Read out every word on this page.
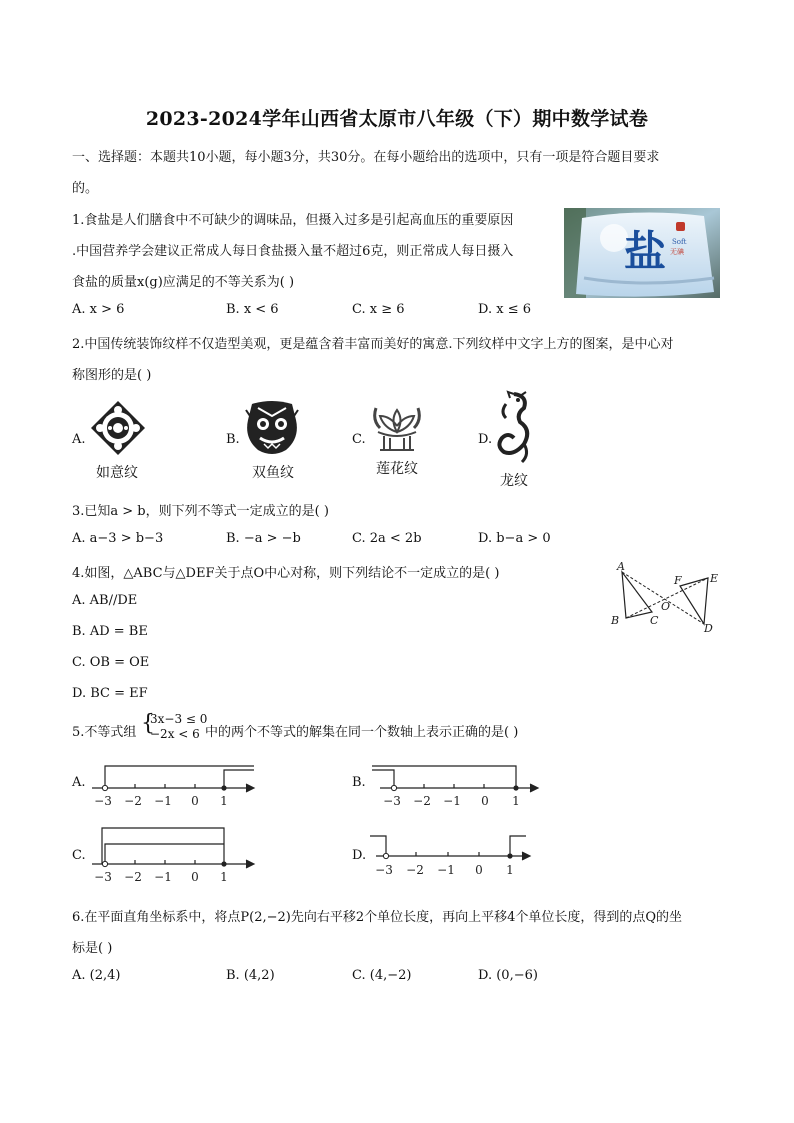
2023-2024学年山西省太原市八年级（下）期中数学试卷
一、选择题：本题共10小题，每小题3分，共30分。在每小题给出的选项中，只有一项是符合题目要求
的。
1.食盐是人们膳食中不可缺少的调味品，但摄入过多是引起高血压的重要原因
.中国营养学会建议正常成人每日食盐摄入量不超过6克，则正常成人每日摄入
食盐的质量x(g)应满足的不等关系为( )
A. x > 6	B. x < 6	C. x ≥ 6	D. x ≤ 6
盐 Soft
无碘
2.中国传统装饰纹样不仅造型美观，更是蕴含着丰富而美好的寓意.下列纹样中文字上方的图案，是中心对
称图形的是( )
A.	B.	C.	D.
如意纹	双鱼纹	莲花纹
龙纹
3.已知a > b，则下列不等式一定成立的是( )
A. a−3 > b−3	B. −a > −b	C. 2a < 2b	D. b−a > 0
4.如图，△ABC与△DEF关于点O中心对称，则下列结论不一定成立的是( )
A. AB//DE
B. AD = BE
C. OB = OE
D. BC = EF
A
B	C
O
F	E
D
5.不等式组 {
3x−3 ≤ 0
−2x < 6 中的两个不等式的解集在同一个数轴上表示正确的是( )
A.	B.
C.	D.
−3 −2 −1 0 1	−3 −2 −1 0 1
−3 −2 −1 0 1	−3 −2 −1 0 1
6.在平面直角坐标系中，将点P(2,−2)先向右平移2个单位长度，再向上平移4个单位长度，得到的点Q的坐
标是( )
A. (2,4)	B. (4,2)	C. (4,−2)	D. (0,−6)
